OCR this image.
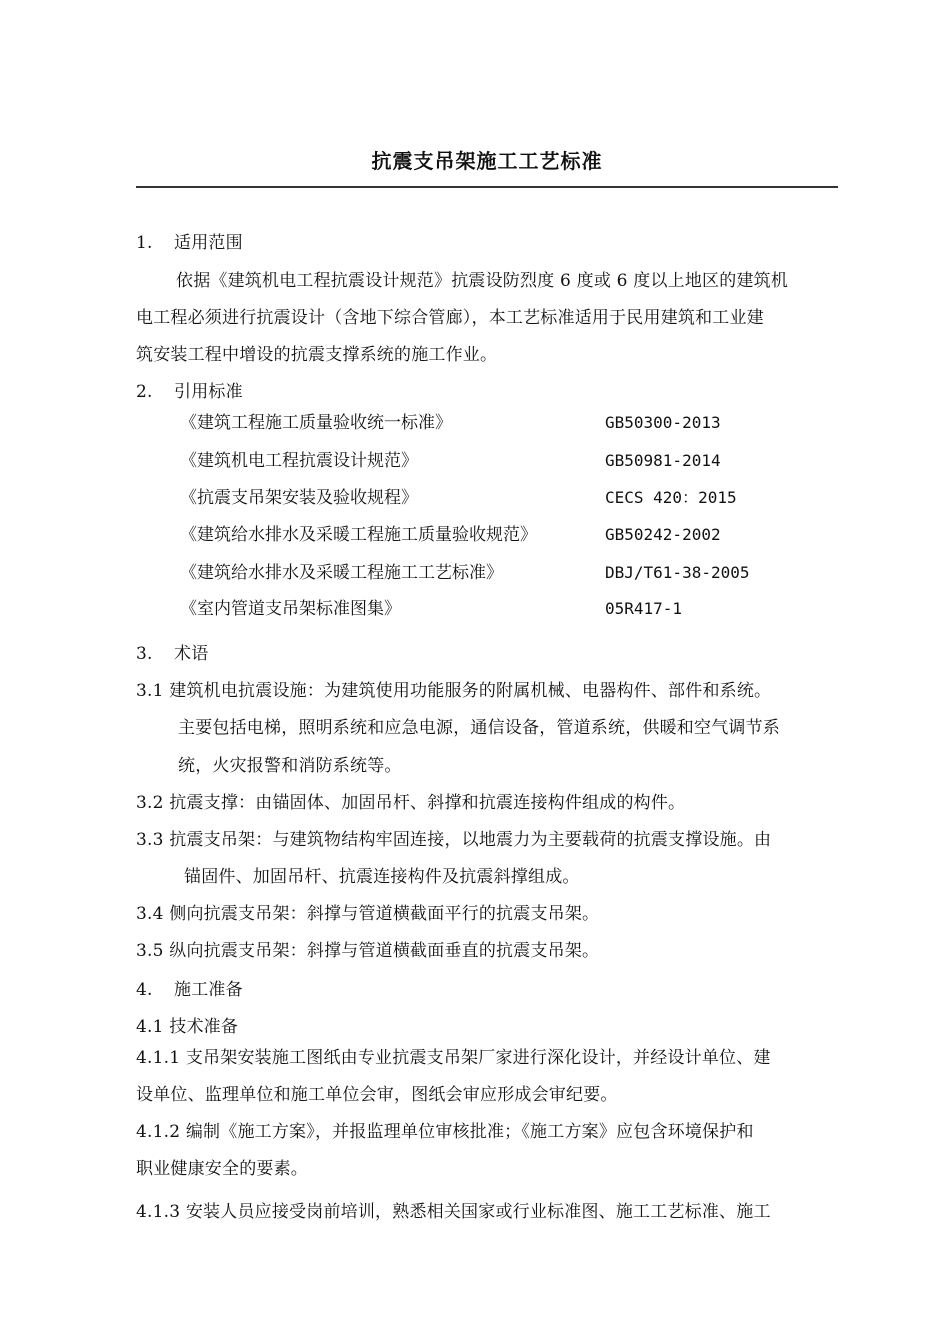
抗震支吊架施工工艺标准
1. 适用范围
依据《建筑机电工程抗震设计规范》抗震设防烈度 6 度或 6 度以上地区的建筑机
电工程必须进行抗震设计（含地下综合管廊），本工艺标准适用于民用建筑和工业建
筑安装工程中增设的抗震支撑系统的施工作业。
2. 引用标准
《建筑工程施工质量验收统一标准》	GB50300-2013
《建筑机电工程抗震设计规范》	GB50981-2014
《抗震支吊架安装及验收规程》	CECS 420：2015
《建筑给水排水及采暖工程施工质量验收规范》	GB50242-2002
《建筑给水排水及采暖工程施工工艺标准》	DBJ/T61-38-2005
《室内管道支吊架标准图集》	05R417-1
3. 术语
3.1 建筑机电抗震设施：为建筑使用功能服务的附属机械、电器构件、部件和系统。
主要包括电梯，照明系统和应急电源，通信设备，管道系统，供暖和空气调节系
统，火灾报警和消防系统等。
3.2 抗震支撑：由锚固体、加固吊杆、斜撑和抗震连接构件组成的构件。
3.3 抗震支吊架：与建筑物结构牢固连接，以地震力为主要载荷的抗震支撑设施。由
锚固件、加固吊杆、抗震连接构件及抗震斜撑组成。
3.4 侧向抗震支吊架：斜撑与管道横截面平行的抗震支吊架。
3.5 纵向抗震支吊架：斜撑与管道横截面垂直的抗震支吊架。
4. 施工准备
4.1 技术准备
4.1.1 支吊架安装施工图纸由专业抗震支吊架厂家进行深化设计，并经设计单位、建
设单位、监理单位和施工单位会审，图纸会审应形成会审纪要。
4.1.2 编制《施工方案》，并报监理单位审核批准；《施工方案》应包含环境保护和
职业健康安全的要素。
4.1.3 安装人员应接受岗前培训，熟悉相关国家或行业标准图、施工工艺标准、施工
